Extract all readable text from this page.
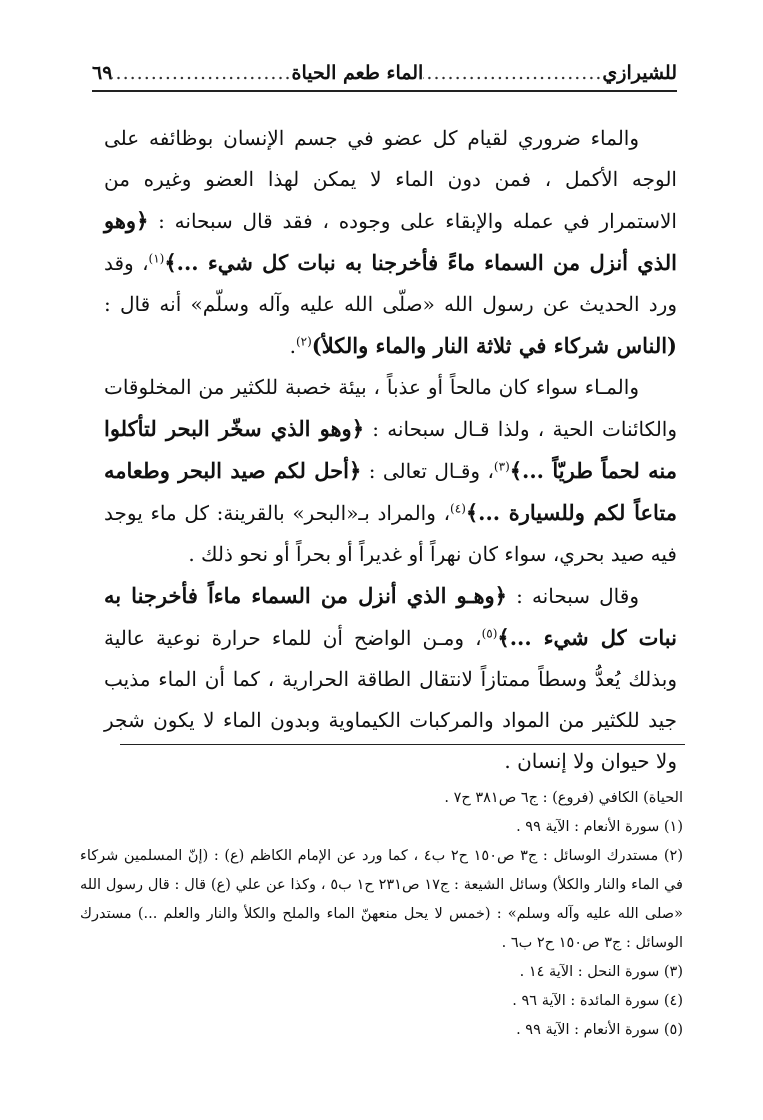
للشيرازي
.....
الماء طعم الحياة
.....
٦٩

والماء ضروري لقيام كل عضو في جسم الإنسان بوظائفه على الوجه الأكمل ، فمن دون الماء لا يمكن لهذا العضو وغيره من الاستمرار في عمله والإبقاء على وجوده ، فقد قال سبحانه : ﴿وهو الذي أنزل من السماء ماءً فأخرجنا به نبات كل شيء ...﴾$^{(١)}$، وقد ورد الحديث عن رسول الله «صلّى الله عليه وآله وسلّم» أنه قال : (الناس شركاء في ثلاثة النار والماء والكلأ)$^{(٢)}$.

والمـاء سواء كان مالحاً أو عذباً ، بيئة خصبة للكثير من المخلوقات والكائنات الحية ، ولذا قـال سبحانه : ﴿وهو الذي سخّر البحر لتأكلوا منه لحماً طريّاً ...﴾$^{(٣)}$، وقـال تعالى : ﴿أحل لكم صيد البحر وطعامه متاعاً لكم وللسيارة ...﴾$^{(٤)}$، والمراد بـ«البحر» بالقرينة: كل ماء يوجد فيه صيد بحري، سواء كان نهراً أو غديراً أو بحراً أو نحو ذلك .

وقال سبحانه : ﴿وهـو الذي أنزل من السماء ماءاً فأخرجنا به نبات كل شيء ...﴾$^{(٥)}$، ومـن الواضح أن للماء حرارة نوعية عالية وبذلك يُعدُّ وسطاً ممتازاً لانتقال الطاقة الحرارية ، كما أن الماء مذيب جيد للكثير من المواد والمركبات الكيماوية وبدون الماء لا يكون شجر ولا حيوان ولا إنسان .

الحياة) الكافي (فروع) : ج٦ ص٣٨١ ح٧ .

(١) سورة الأنعام : الآية ٩٩ .

(٢) مستدرك الوسائل : ج٣ ص١٥٠ ح٢ ب٤ ، كما ورد عن الإمام الكاظم (ع) : (إنّ المسلمين شركاء في الماء والنار والكلأ) وسائل الشيعة : ج١٧ ص٢٣١ ح١ ب٥ ، وكذا عن علي (ع) قال : قال رسول الله «صلى الله عليه وآله وسلم» : (خمس لا يحل منعهنّ الماء والملح والكلأ والنار والعلم ...) مستدرك الوسائل : ج٣ ص١٥٠ ح٢ ب٦ .

(٣) سورة النحل : الآية ١٤ .

(٤) سورة المائدة : الآية ٩٦ .

(٥) سورة الأنعام : الآية ٩٩ .
